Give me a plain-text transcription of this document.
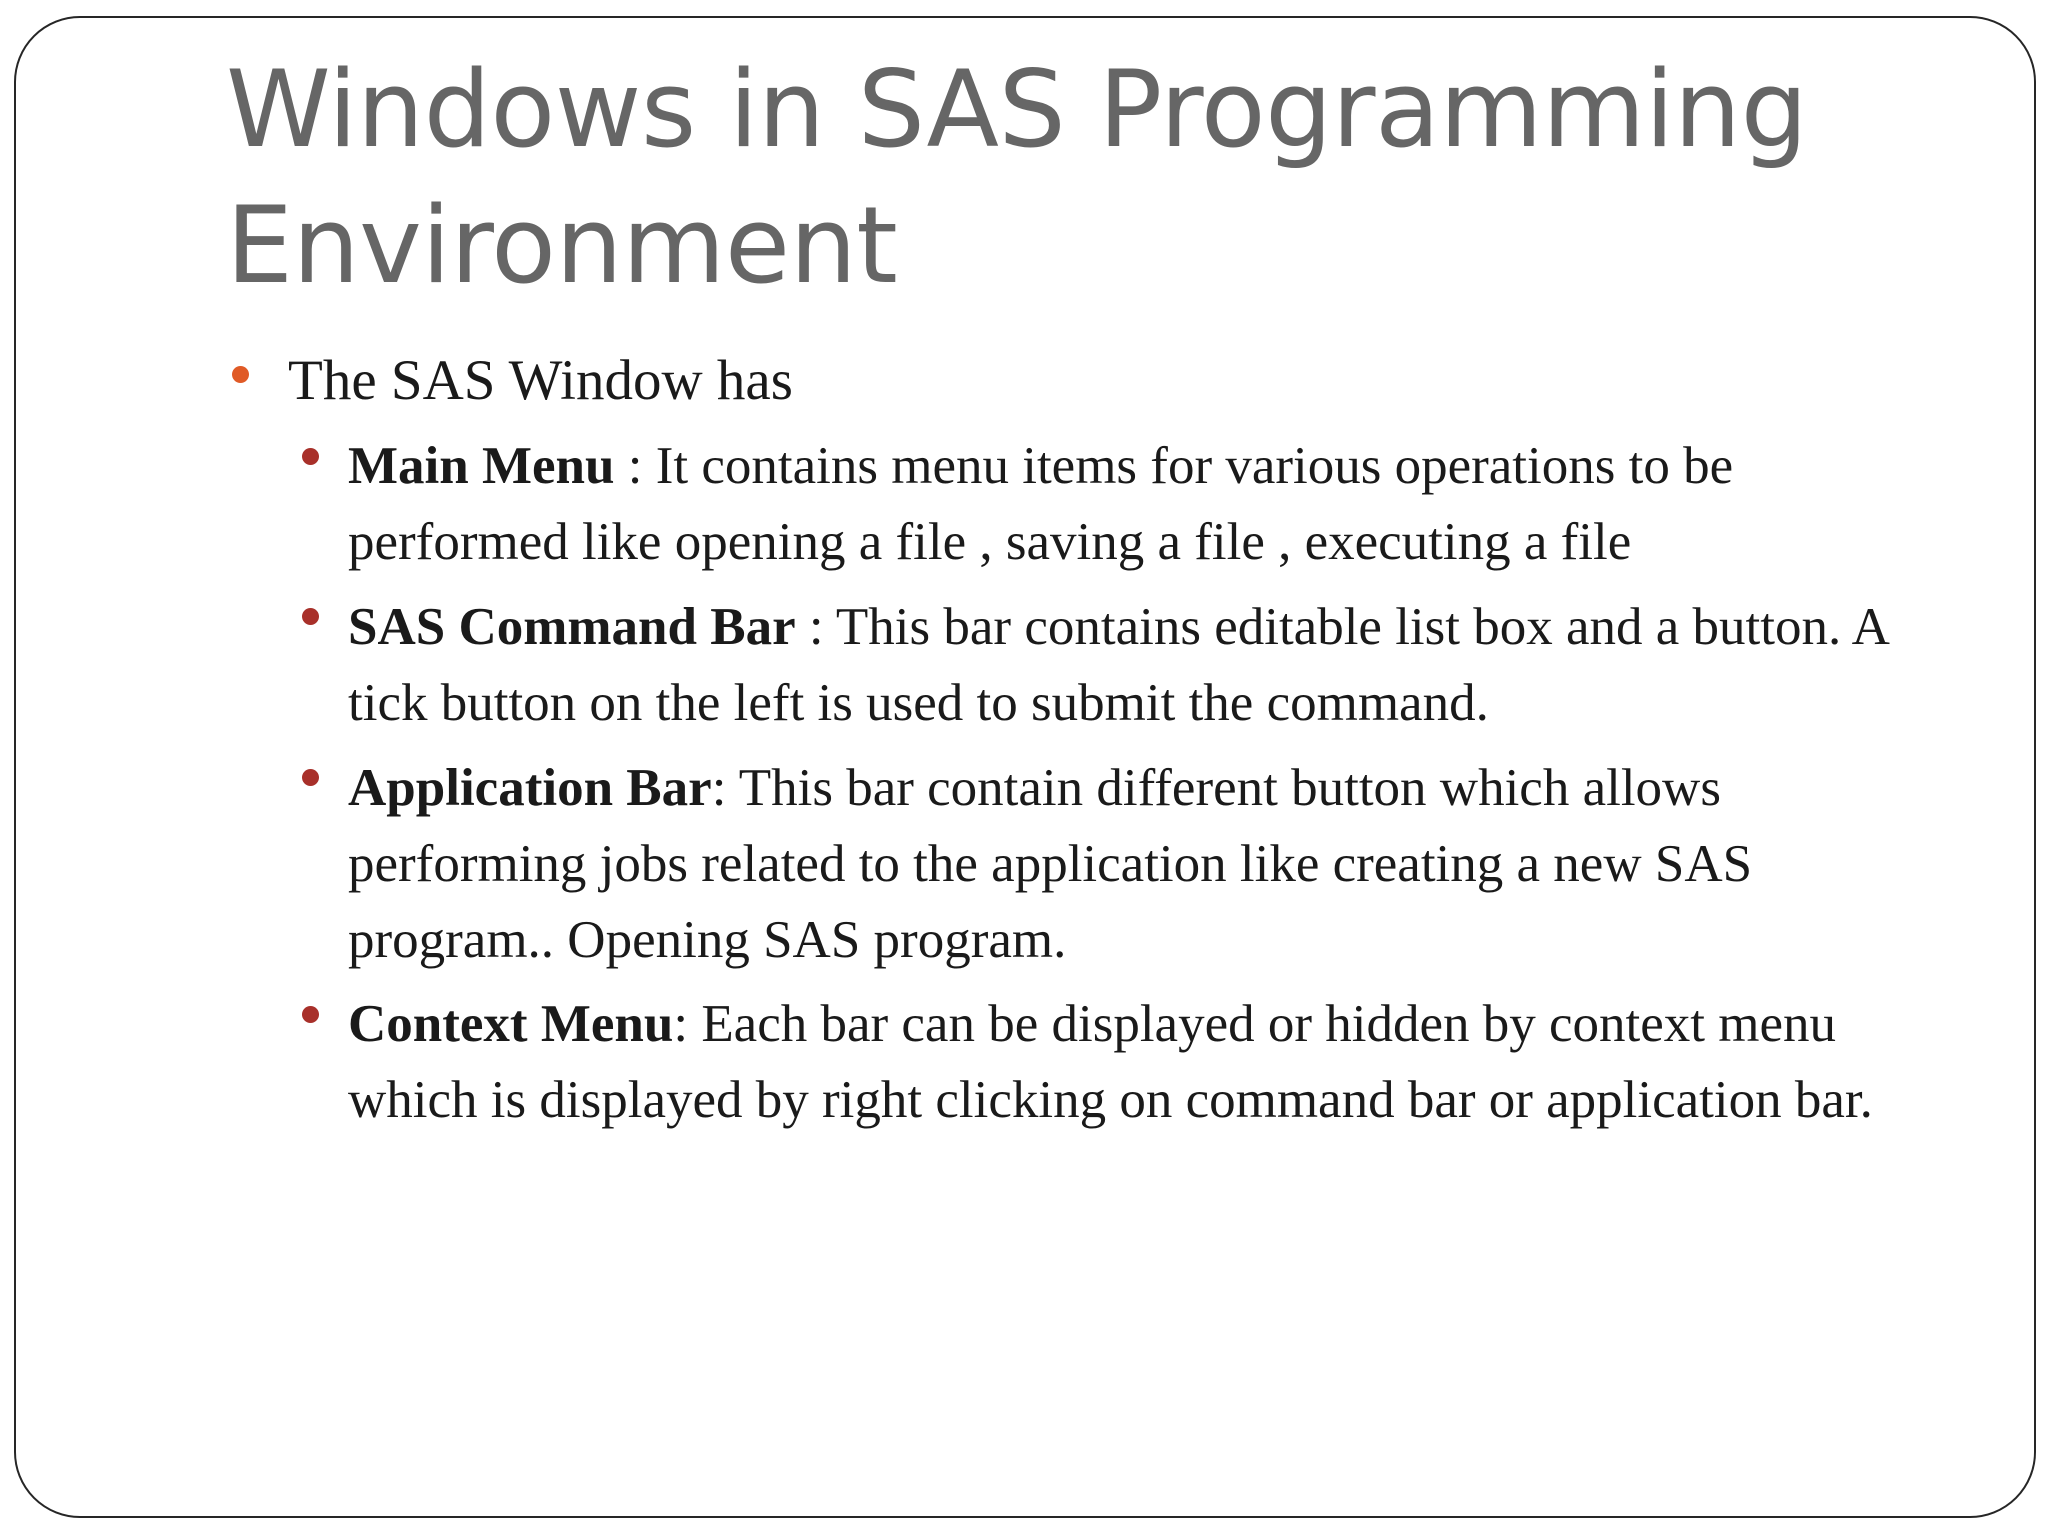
Windows in SAS Programming Environment
The SAS Window has
Main Menu : It contains menu items for various operations to be performed like opening a file , saving a file , executing a file
SAS Command Bar : This bar contains editable list box and a button. A tick button on the left is used to submit the command.
Application Bar: This bar contain different button which allows performing jobs related to the application like creating a new SAS program.. Opening SAS program.
Context Menu: Each bar can be displayed or hidden by context menu which is displayed by right clicking on command bar or application bar.
